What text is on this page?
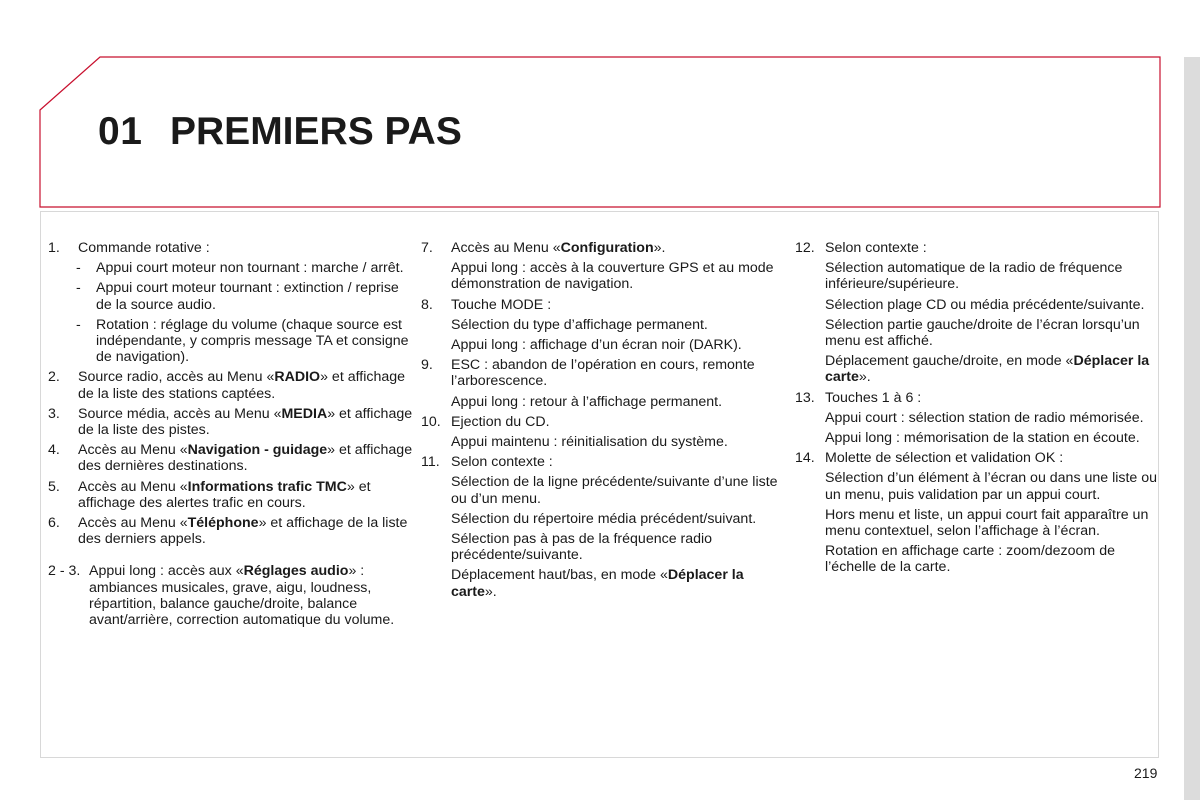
01 PREMIERS PAS
1.	Commande rotative :
-	Appui court moteur non tournant : marche / arrêt.
-	Appui court moteur tournant : extinction / reprise de la source audio.
-	Rotation : réglage du volume (chaque source est indépendante, y compris message TA et consigne de navigation).
2.	Source radio, accès au Menu «RADIO» et affichage de la liste des stations captées.
3.	Source média, accès au Menu «MEDIA» et affichage de la liste des pistes.
4.	Accès au Menu «Navigation - guidage» et affichage des dernières destinations.
5.	Accès au Menu «Informations trafic TMC» et affichage des alertes trafic en cours.
6.	Accès au Menu «Téléphone» et affichage de la liste des derniers appels.
2 - 3. Appui long : accès aux «Réglages audio» : ambiances musicales, grave, aigu, loudness, répartition, balance gauche/droite, balance avant/arrière, correction automatique du volume.
7.	Accès au Menu «Configuration».
Appui long : accès à la couverture GPS et au mode démonstration de navigation.
8.	Touche MODE :
Sélection du type d’affichage permanent.
Appui long : affichage d’un écran noir (DARK).
9.	ESC : abandon de l’opération en cours, remonte l’arborescence.
Appui long : retour à l’affichage permanent.
10. Ejection du CD.
Appui maintenu : réinitialisation du système.
11. Selon contexte :
Sélection de la ligne précédente/suivante d’une liste ou d’un menu.
Sélection du répertoire média précédent/suivant.
Sélection pas à pas de la fréquence radio précédente/suivante.
Déplacement haut/bas, en mode «Déplacer la carte».
12. Selon contexte :
Sélection automatique de la radio de fréquence inférieure/supérieure.
Sélection plage CD ou média précédente/suivante.
Sélection partie gauche/droite de l’écran lorsqu’un menu est affiché.
Déplacement gauche/droite, en mode «Déplacer la carte».
13. Touches 1 à 6 :
Appui court : sélection station de radio mémorisée.
Appui long : mémorisation de la station en écoute.
14. Molette de sélection et validation OK :
Sélection d’un élément à l’écran ou dans une liste ou un menu, puis validation par un appui court.
Hors menu et liste, un appui court fait apparaître un menu contextuel, selon l’affichage à l’écran.
Rotation en affichage carte : zoom/dezoom de l’échelle de la carte.
219
